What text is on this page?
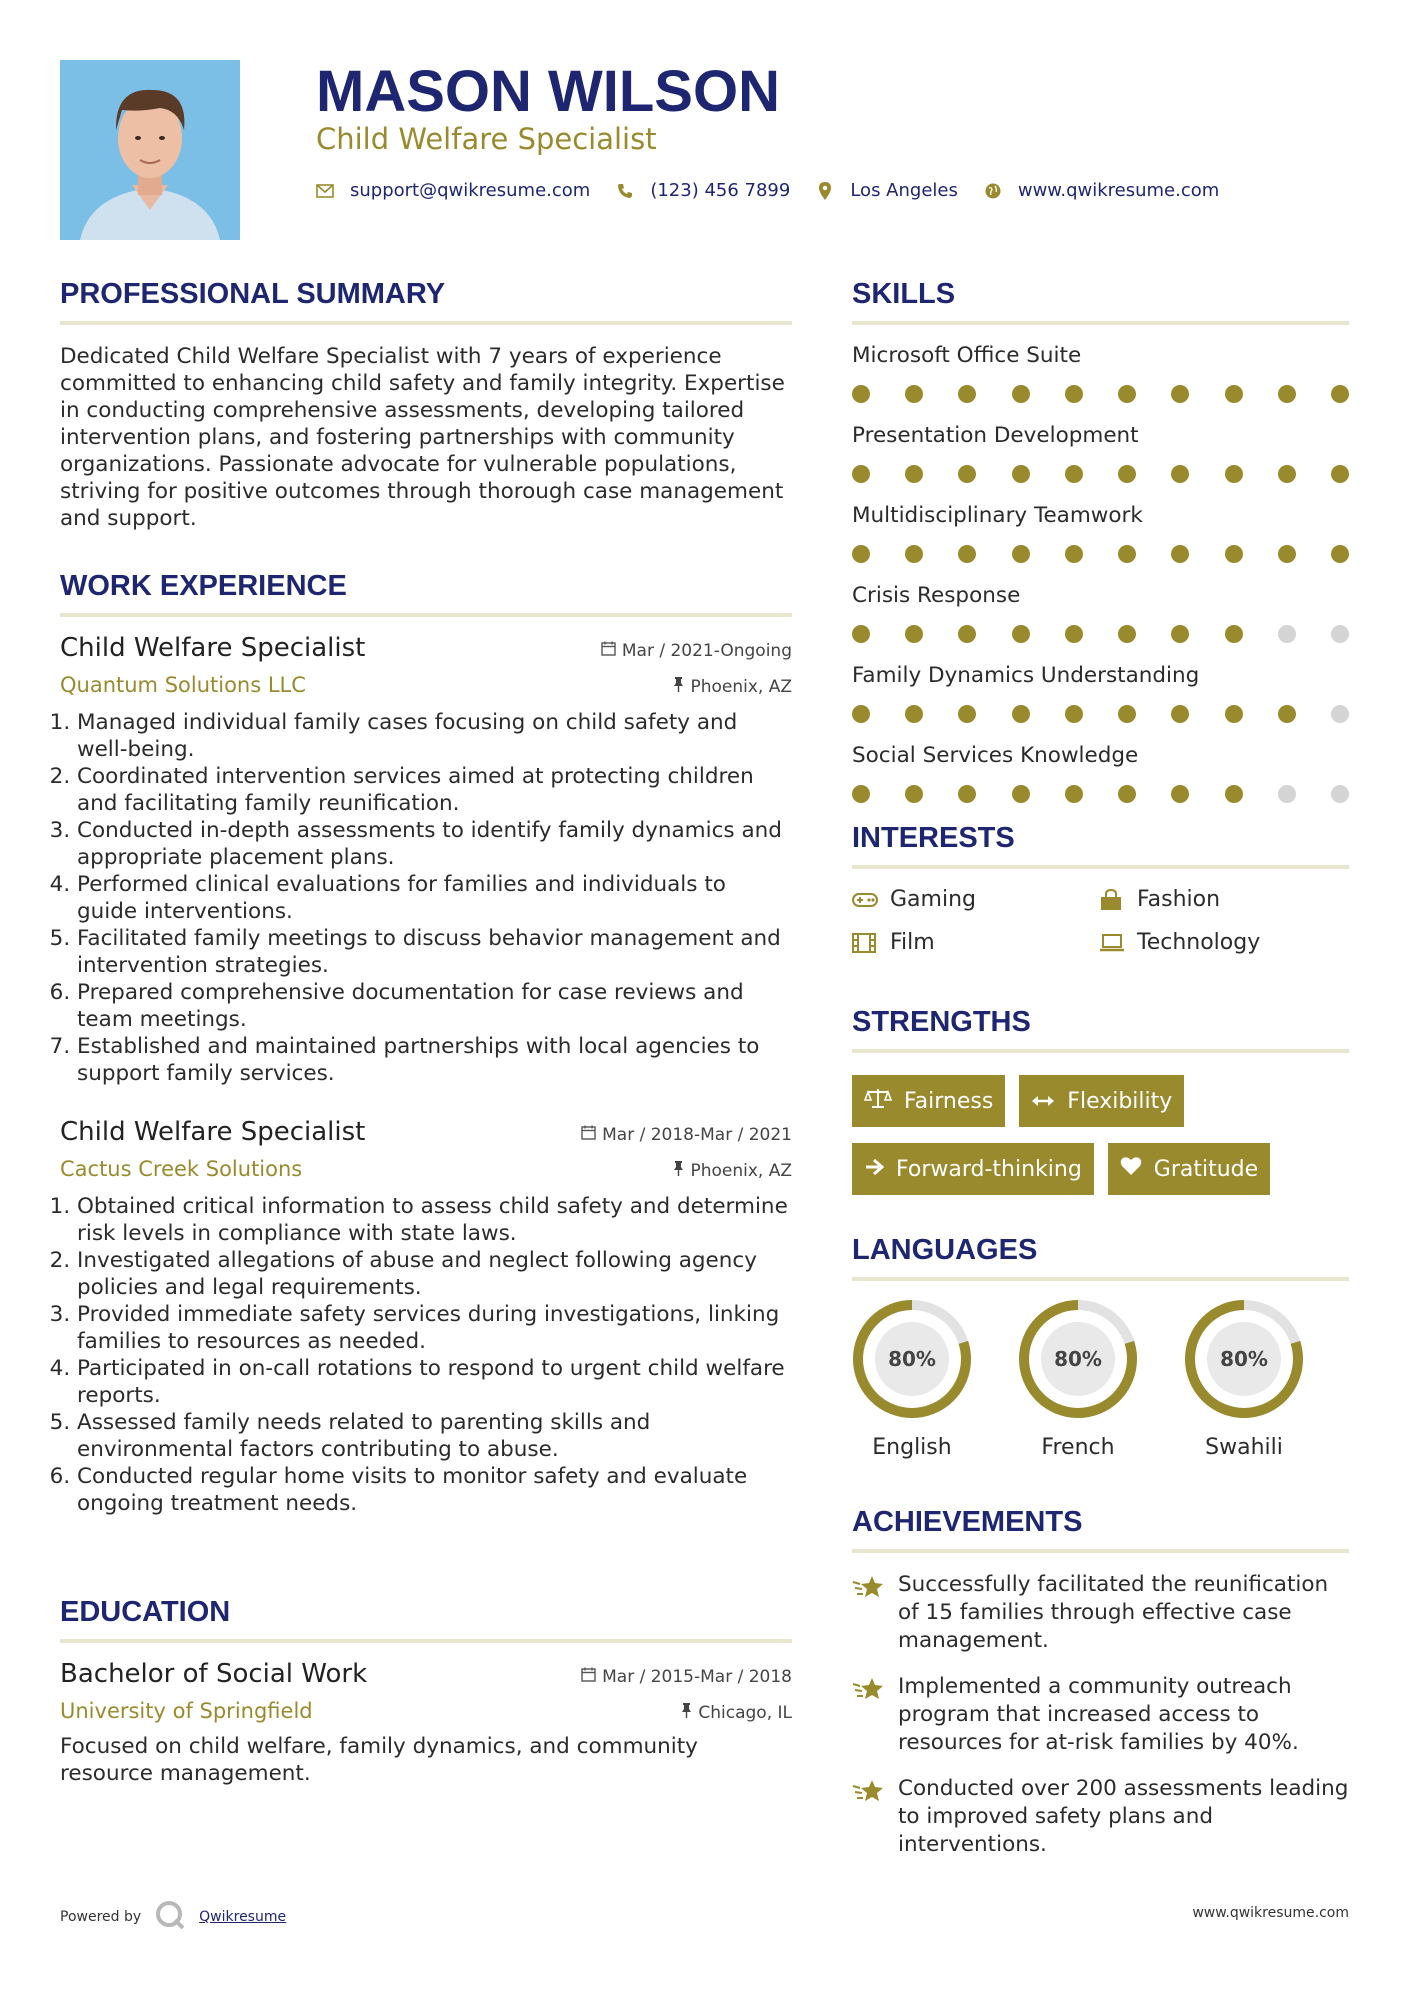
MASON WILSON
Child Welfare Specialist
support@qwikresume.com	(123) 456 7899	Los Angeles	www.qwikresume.com
PROFESSIONAL SUMMARY

Dedicated Child Welfare Specialist with 7 years of experience committed to enhancing child safety and family integrity. Expertise in conducting comprehensive assessments, developing tailored intervention plans, and fostering partnerships with community organizations. Passionate advocate for vulnerable populations, striving for positive outcomes through thorough case management and support.

WORK EXPERIENCE
Child Welfare Specialist	Mar / 2021-Ongoing
Quantum Solutions LLC	Phoenix, AZ
1. Managed individual family cases focusing on child safety and well-being.
2. Coordinated intervention services aimed at protecting children and facilitating family reunification.
3. Conducted in-depth assessments to identify family dynamics and appropriate placement plans.
4. Performed clinical evaluations for families and individuals to guide interventions.
5. Facilitated family meetings to discuss behavior management and intervention strategies.
6. Prepared comprehensive documentation for case reviews and team meetings.
7. Established and maintained partnerships with local agencies to support family services.
Child Welfare Specialist	Mar / 2018-Mar / 2021
Cactus Creek Solutions	Phoenix, AZ
1. Obtained critical information to assess child safety and determine risk levels in compliance with state laws.
2. Investigated allegations of abuse and neglect following agency policies and legal requirements.
3. Provided immediate safety services during investigations, linking families to resources as needed.
4. Participated in on-call rotations to respond to urgent child welfare reports.
5. Assessed family needs related to parenting skills and environmental factors contributing to abuse.
6. Conducted regular home visits to monitor safety and evaluate ongoing treatment needs.
EDUCATION
Bachelor of Social Work	Mar / 2015-Mar / 2018
University of Springfield	Chicago, IL

Focused on child welfare, family dynamics, and community resource management.

SKILLS
Microsoft Office Suite
Presentation Development
Multidisciplinary Teamwork
Crisis Response
Family Dynamics Understanding
Social Services Knowledge
INTERESTS
Gaming	Fashion
Film	Technology
STRENGTHS
Fairness	Flexibility
Forward-thinking	Gratitude
LANGUAGES
80%
English
80%
French
80%
Swahili
ACHIEVEMENTS
Successfully facilitated the reunification of 15 families through effective case management.
Implemented a community outreach program that increased access to resources for at-risk families by 40%.
Conducted over 200 assessments leading to improved safety plans and interventions.
Powered by	Qwikresume	www.qwikresume.com
